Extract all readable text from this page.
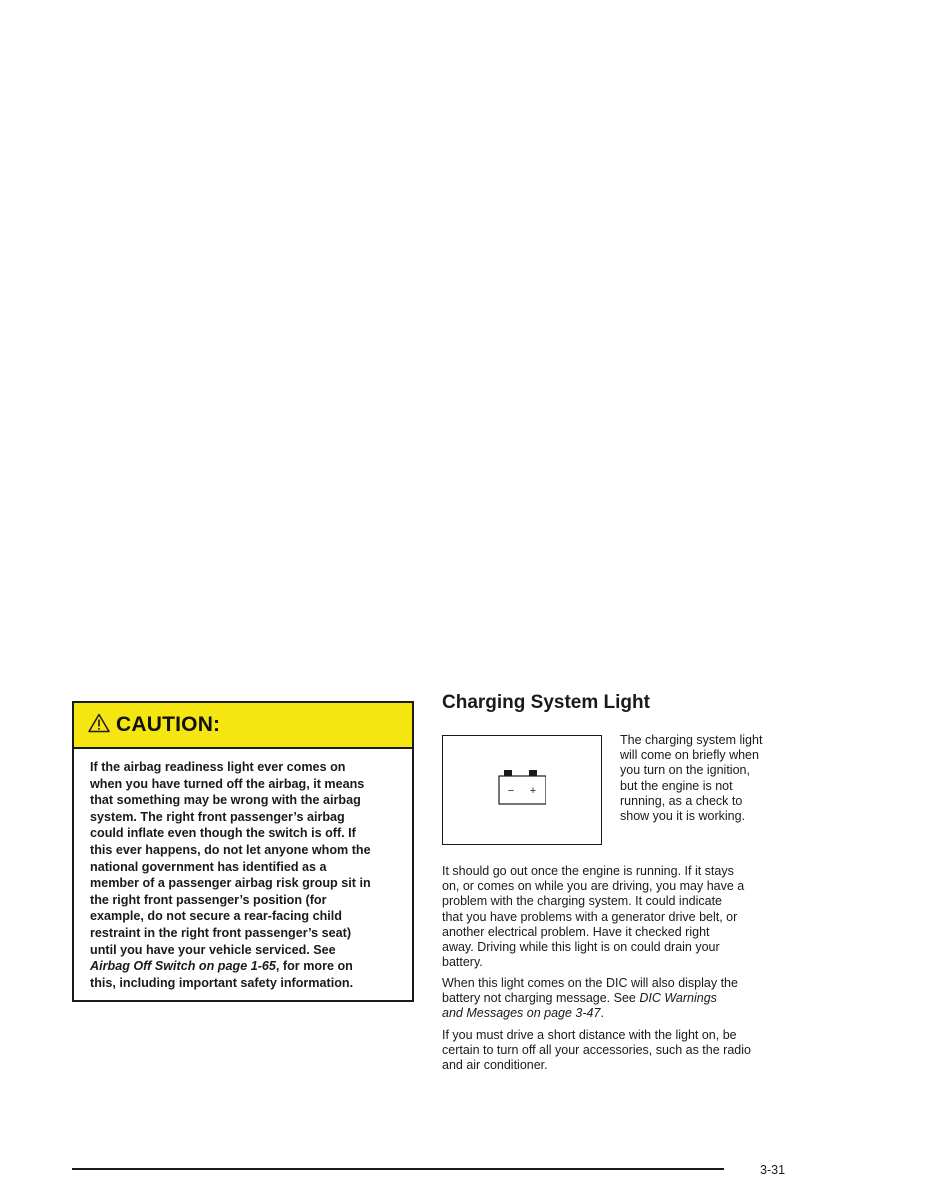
CAUTION:
If the airbag readiness light ever comes on
when you have turned off the airbag, it means
that something may be wrong with the airbag
system. The right front passenger’s airbag
could inflate even though the switch is off. If
this ever happens, do not let anyone whom the
national government has identified as a
member of a passenger airbag risk group sit in
the right front passenger’s position (for
example, do not secure a rear-facing child
restraint in the right front passenger’s seat)
until you have your vehicle serviced. See
Airbag Off Switch on page 1-65, for more on
this, including important safety information.
Charging System Light
− +
The charging system light
will come on briefly when
you turn on the ignition,
but the engine is not
running, as a check to
show you it is working.
It should go out once the engine is running. If it stays
on, or comes on while you are driving, you may have a
problem with the charging system. It could indicate
that you have problems with a generator drive belt, or
another electrical problem. Have it checked right
away. Driving while this light is on could drain your
battery.
When this light comes on the DIC will also display the
battery not charging message. See DIC Warnings
and Messages on page 3-47.
If you must drive a short distance with the light on, be
certain to turn off all your accessories, such as the radio
and air conditioner.
3-31
